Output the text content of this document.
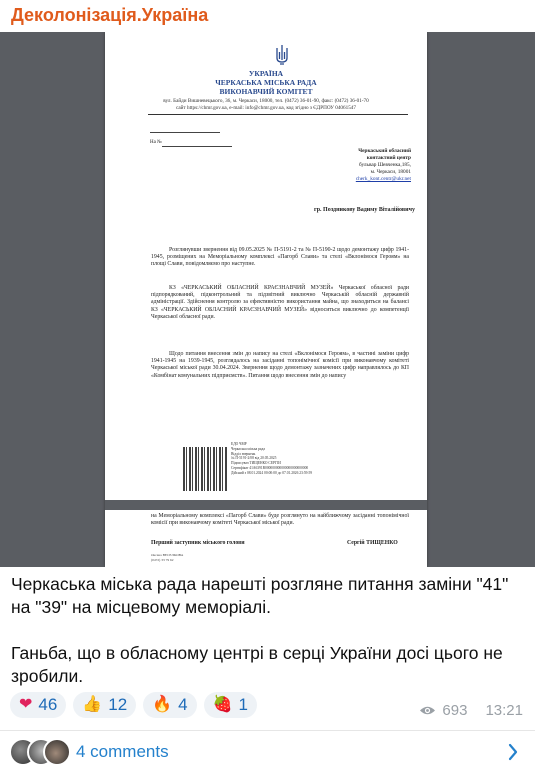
Деколонізація.Україна
УКРАЇНА
ЧЕРКАСЬКА МІСЬКА РАДА
ВИКОНАВЧИЙ КОМІТЕТ
вул. Байди Вишневецького, 36, м. Черкаси, 18000, тел. (0472) 36-01-90, факс: (0472) 36-01-70
сайт https://chmr.gov.ua, e-mail: info@chmr.gov.ua, код згідно з ЄДРПОУ 04061547
На №
Черкаський обласний
контактний центр
бульвар Шевченка,185,
м. Черкаси, 18001
cherk_kont.centr@ukr.net
гр. Поздникову Вадиму Віталійовичу

Розглянувши звернення від 09.05.2025 № П-5191-2 та № П-5190-2 щодо демонтажу цифр 1941-1945, розміщених на Меморіальному комплексі «Пагорб Слави» та стелі «Вклонімося Героям» на площі Слави, повідомляємо про наступне.

КЗ «ЧЕРКАСЬКИЙ ОБЛАСНИЙ КРАЄЗНАВЧИЙ МУЗЕЙ» Черкаської обласної ради підпорядкований, підконтрольний та підзвітний виключно Черкаській обласній державній адміністрації. Здійснення контролю за ефективністю використання майна, що знаходиться на балансі КЗ «ЧЕРКАСЬКИЙ ОБЛАСНИЙ КРАЄЗНАВЧИЙ МУЗЕЙ» відноситься виключно до компетенції Черкаської обласної ради.

Щодо питання внесення змін до напису на стелі «Вклонімося Героям», в частині заміни цифр 1941-1945 на 1939-1945, розглядалось на засіданні топонімічної комісії при виконавчому комітеті Черкаської міської ради 30.04.2024. Звернення щодо демонтажу зазначених цифр направлялось до КП «Комбінат комунальних підприємств». Питання щодо внесення змін до напису

ЕДО ЧМР
Черкаська міська рада
Відділ звернень
№ П-5191-2/08 від 20.05.2025
Підписувач ТИЩЕНКО СЕРГІЙ
Сертифікат 41A6391B000000000000000000000000
Дійсний з 08.01.2024 00:00:00 до 07.01.2026 23:59:59

на Меморіальному комплексі «Пагорб Слави» буде розглянуто на найближчому засіданні топонімічної комісії при виконавчому комітеті Черкаської міської ради.

Перший заступник міського голови	Сергій ТИЩЕНКО
Оксана ВЕСЕЛКОВА
(0472) 33 79 62

Черкаська міська рада нарешті розгляне питання заміни "41" на "39" на місцевому меморіалі.

Ганьба, що в обласному центрі в серці України досі цього не зробили.

❤ 46 👍 12 🔥 4 🍓 1	693 13:21
4 comments
